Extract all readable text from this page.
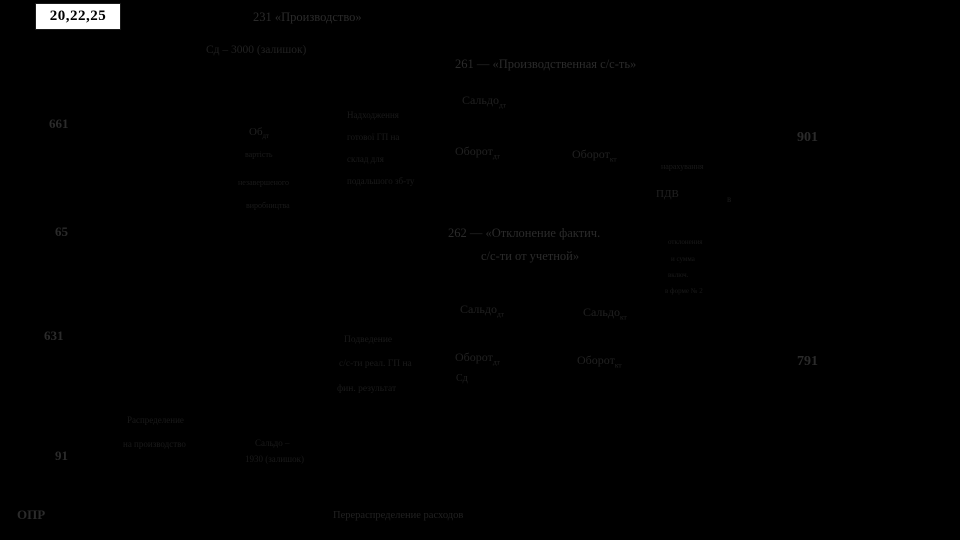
20,22,25	231 «Производство»
Сд – 3000 (залишок)
261 — «Производственная с/с-ть»
Сальдо$_{дт}$
Оборот$_{дт}$	Оборот$_{кт}$
нарахування
ПДВ	в
901
661
65
631
91
$Об_{дт}$
вартість
незавершеного
виробництва
Надходження
готової ГП на
склад для
подальшого зб-ту
262 — «Отклонение фактич.
с/с-ти от учетной»
отклонения
и сумма
включ.
в форме № 2
Сальдо$_{дт}$	Сальдо$_{кт}$
Подведение
с/с-ти реал. ГП на
фин. результат
Оборот$_{дт}$	Оборот$_{кт}$
Сд
791
Распределение
на производство	Сальдо –
1930 (залишок)
ОПР	Перераспределение расходов
